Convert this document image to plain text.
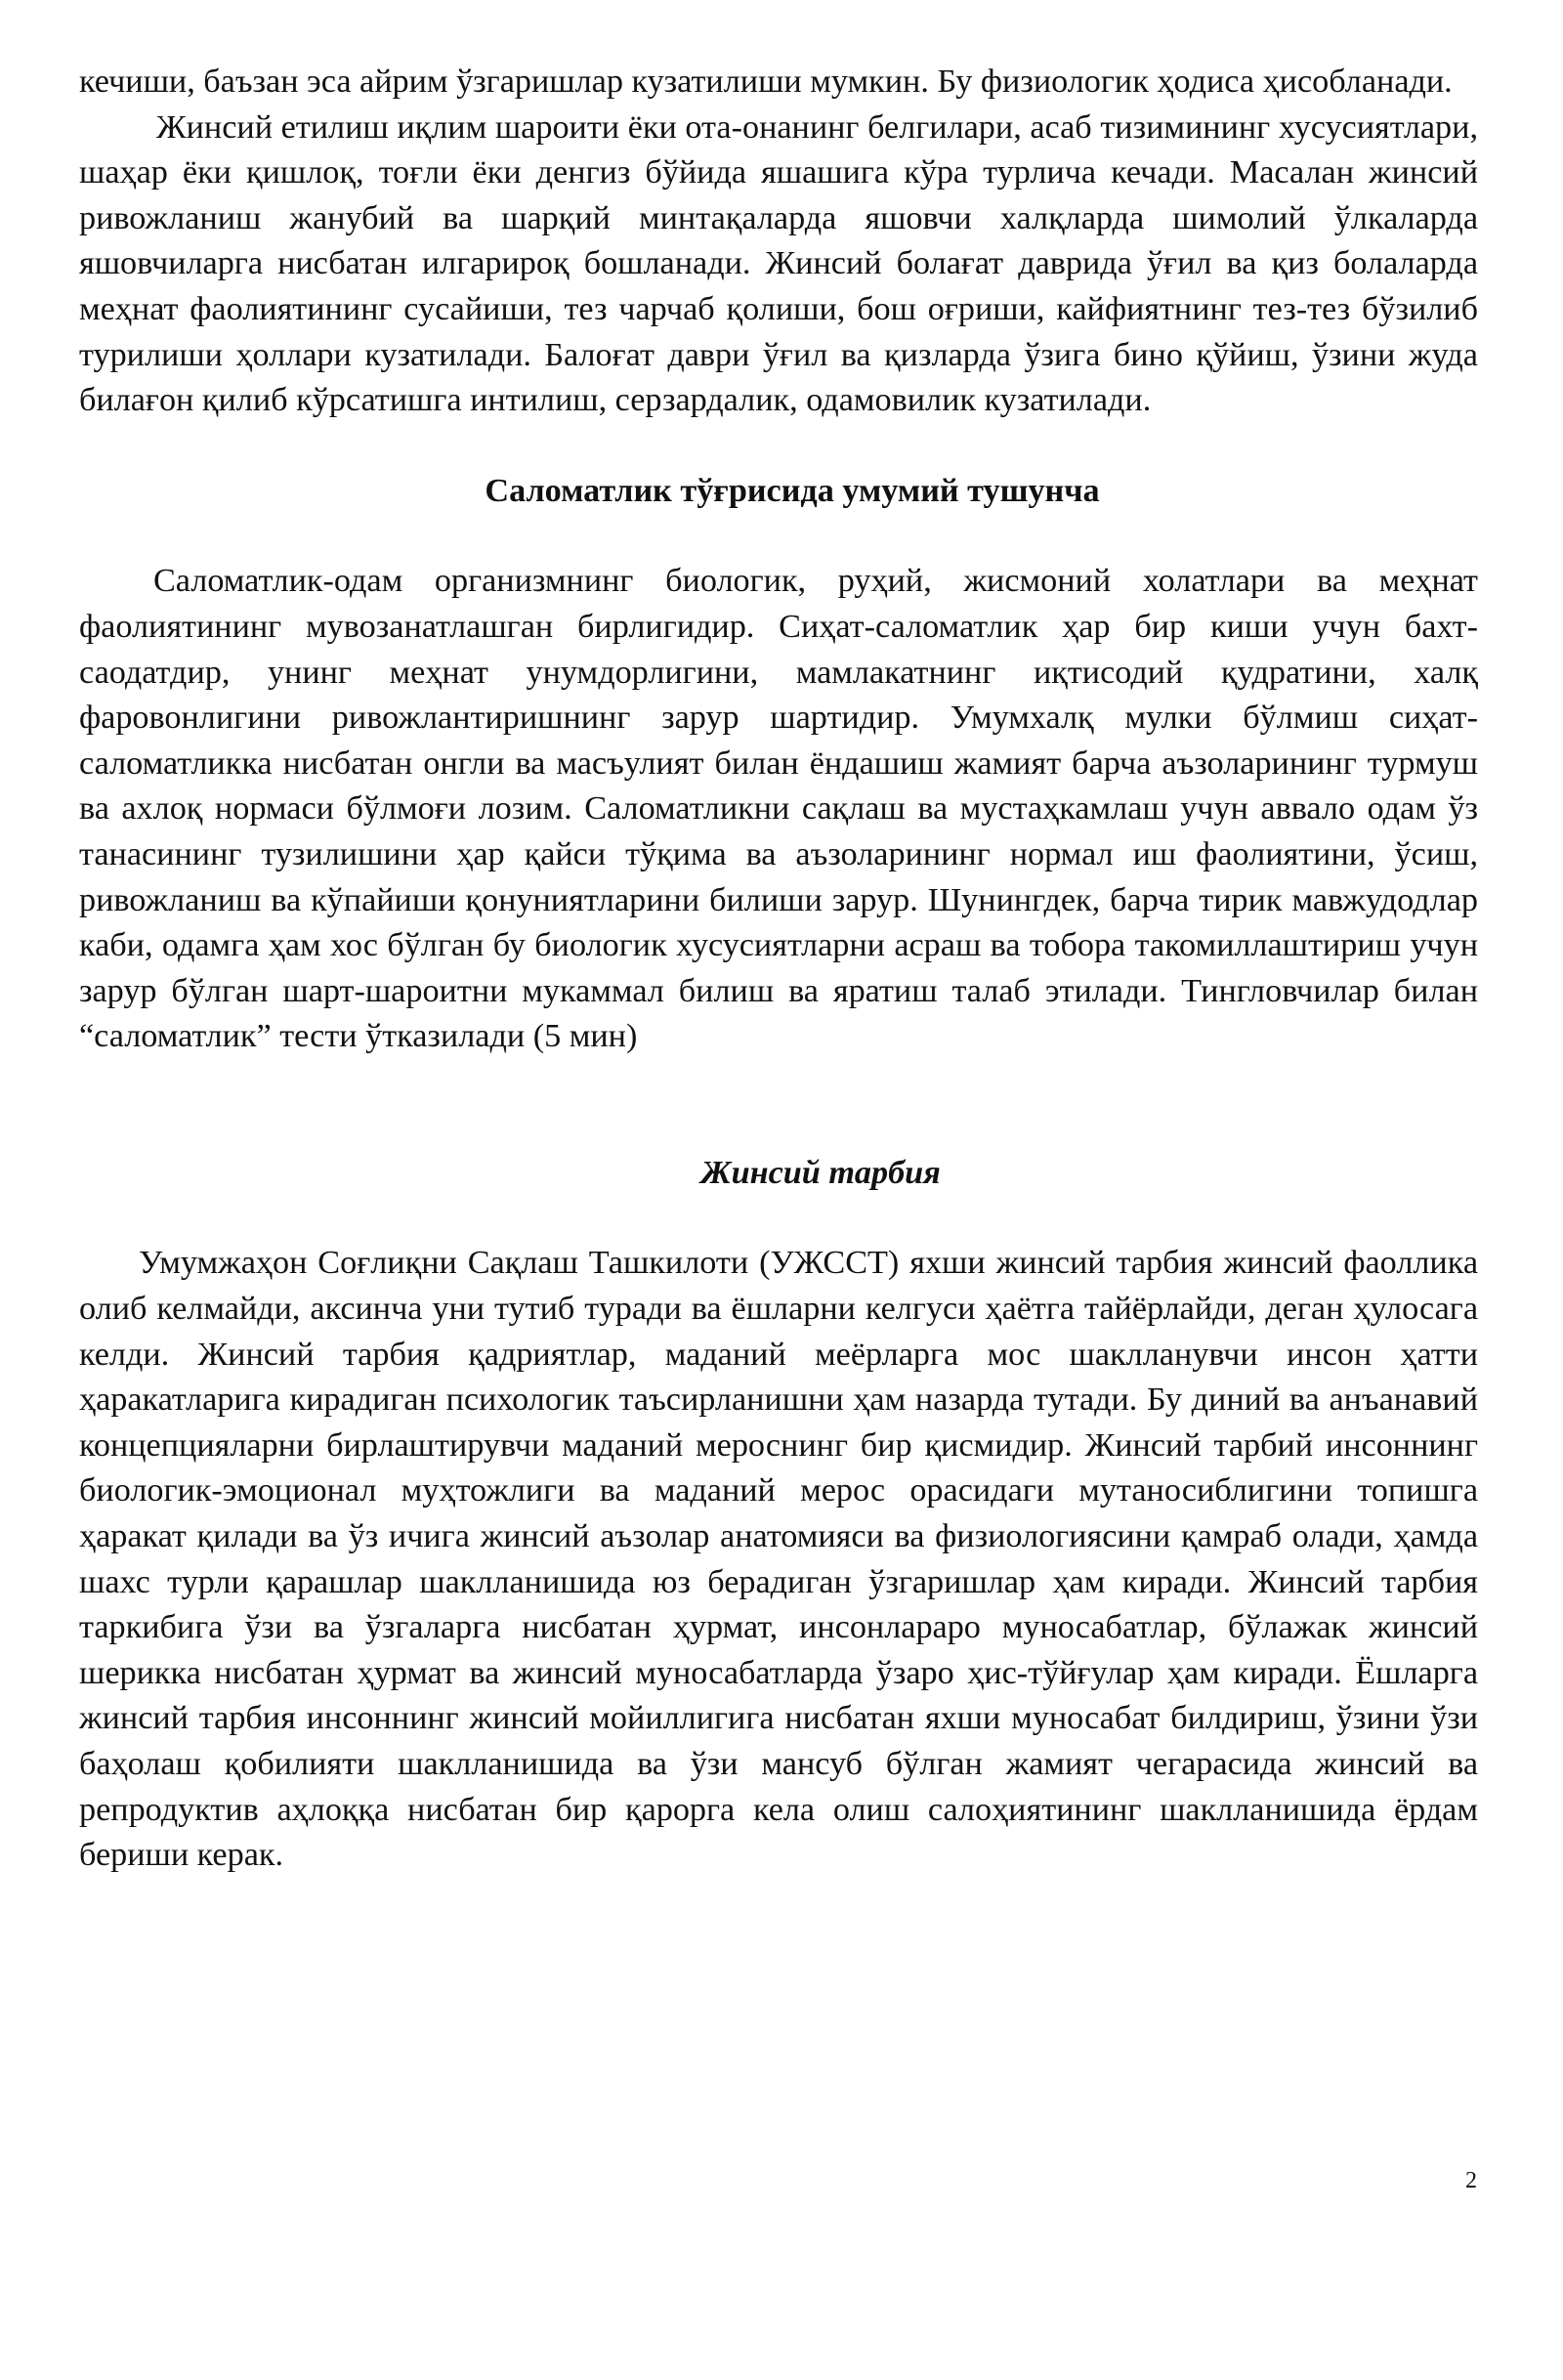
кечиши, баъзан эса айрим ўзгаришлар кузатилиши мумкин. Бу физиологик ҳодиса ҳисобланади.

Жинсий етилиш иқлим шароити ёки ота-онанинг белгилари, асаб тизимининг хусусиятлари, шаҳар ёки қишлоқ, тоғли ёки денгиз бўйида яшашига кўра турлича кечади. Масалан жинсий ривожланиш жанубий ва шарқий минтақаларда яшовчи халқларда шимолий ўлкаларда яшовчиларга нисбатан илгарироқ бошланади. Жинсий болағат даврида ўғил ва қиз болаларда меҳнат фаолиятининг сусайиши, тез чарчаб қолиши, бош оғриши, кайфиятнинг тез-тез бўзилиб турилиши ҳоллари кузатилади. Балоғат даври ўғил ва қизларда ўзига бино қўйиш, ўзини жуда билағон қилиб кўрсатишга интилиш, серзардалик, одамовилик кузатилади.

Саломатлик тўғрисида умумий тушунча

Саломатлик-одам организмнинг биологик, руҳий, жисмоний холатлари ва меҳнат фаолиятининг мувозанатлашган бирлигидир. Сиҳат-саломатлик ҳар бир киши учун бахт-саодатдир, унинг меҳнат унумдорлигини, мамлакатнинг иқтисодий қудратини, халқ фаровонлигини ривожлантиришнинг зарур шартидир. Умумхалқ мулки бўлмиш сиҳат-саломатликка нисбатан онгли ва масъулият билан ёндашиш жамият барча аъзоларининг турмуш ва ахлоқ нормаси бўлмоғи лозим. Саломатликни сақлаш ва мустаҳкамлаш учун аввало одам ўз танасининг тузилишини ҳар қайси тўқима ва аъзоларининг нормал иш фаолиятини, ўсиш, ривожланиш ва кўпайиши қонуниятларини билиши зарур. Шунингдек, барча тирик мавжудодлар каби, одамга ҳам хос бўлган бу биологик хусусиятларни асраш ва тобора такомиллаштириш учун зарур бўлган шарт-шароитни мукаммал билиш ва яратиш талаб этилади. Тингловчилар билан “саломатлик” тести ўтказилади (5 мин)

Жинсий тарбия

Умумжаҳон Соғлиқни Сақлаш Ташкилоти (УЖССТ) яхши жинсий тарбия жинсий фаоллика олиб келмайди, аксинча уни тутиб туради ва ёшларни келгуси ҳаётга тайёрлайди, деган ҳулосага келди. Жинсий тарбия қадриятлар, маданий меёрларга мос шаклланувчи инсон ҳатти ҳаракатларига кирадиган психологик таъсирланишни ҳам назарда тутади. Бу диний ва анъанавий концепцияларни бирлаштирувчи маданий мероснинг бир қисмидир. Жинсий тарбий инсоннинг биологик-эмоционал муҳтожлиги ва маданий мерос орасидаги мутаносиблигини топишга ҳаракат қилади ва ўз ичига жинсий аъзолар анатомияси ва физиологиясини қамраб олади, ҳамда шахс турли қарашлар шаклланишида юз берадиган ўзгаришлар ҳам киради. Жинсий тарбия таркибига ўзи ва ўзгаларга нисбатан ҳурмат, инсонлараро муносабатлар, бўлажак жинсий шерикка нисбатан ҳурмат ва жинсий муносабатларда ўзаро ҳис-тўйғулар ҳам киради. Ёшларга жинсий тарбия инсоннинг жинсий мойиллигига нисбатан яхши муносабат билдириш, ўзини ўзи баҳолаш қобилияти шаклланишида ва ўзи мансуб бўлган жамият чегарасида жинсий ва репродуктив аҳлоққа нисбатан бир қарорга кела олиш салоҳиятининг шаклланишида ёрдам бериши керак.

2
